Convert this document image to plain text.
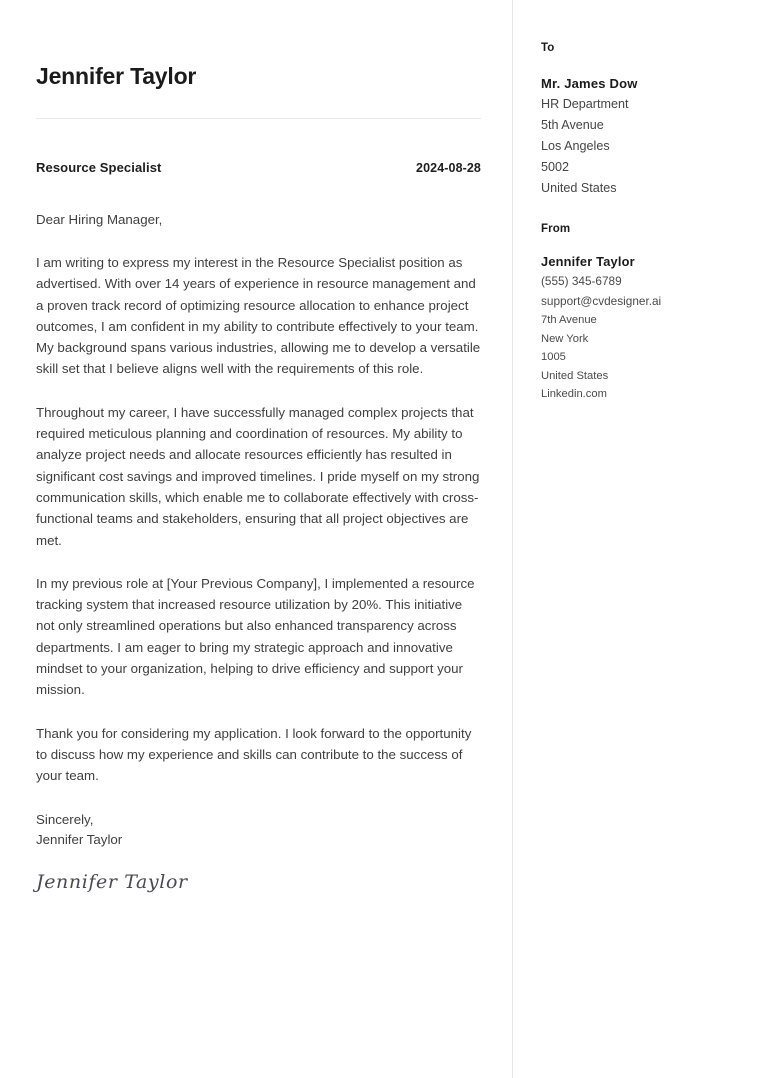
Jennifer Taylor
Resource Specialist	2024-08-28
Dear Hiring Manager,
I am writing to express my interest in the Resource Specialist position as advertised. With over 14 years of experience in resource management and a proven track record of optimizing resource allocation to enhance project outcomes, I am confident in my ability to contribute effectively to your team. My background spans various industries, allowing me to develop a versatile skill set that I believe aligns well with the requirements of this role.
Throughout my career, I have successfully managed complex projects that required meticulous planning and coordination of resources. My ability to analyze project needs and allocate resources efficiently has resulted in significant cost savings and improved timelines. I pride myself on my strong communication skills, which enable me to collaborate effectively with cross-functional teams and stakeholders, ensuring that all project objectives are met.
In my previous role at [Your Previous Company], I implemented a resource tracking system that increased resource utilization by 20%. This initiative not only streamlined operations but also enhanced transparency across departments. I am eager to bring my strategic approach and innovative mindset to your organization, helping to drive efficiency and support your mission.
Thank you for considering my application. I look forward to the opportunity to discuss how my experience and skills can contribute to the success of your team.
Sincerely,
Jennifer Taylor
Jennifer Taylor
To
Mr. James Dow
HR Department
5th Avenue
Los Angeles
5002
United States
From
Jennifer Taylor
(555) 345-6789
support@cvdesigner.ai
7th Avenue
New York
1005
United States
Linkedin.com
